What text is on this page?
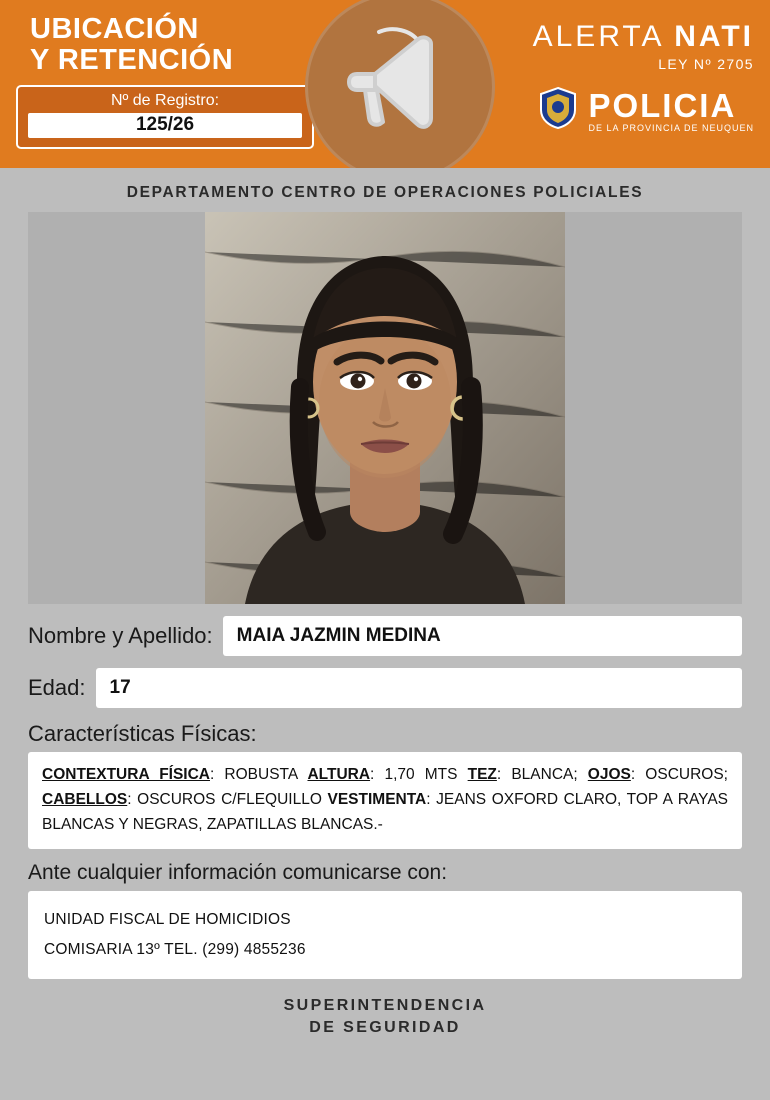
UBICACIÓN
Y RETENCIÓN
Nº de Registro:
125/26
ALERTA NATI
LEY Nº 2705
POLICIA
DE LA PROVINCIA DE NEUQUEN
DEPARTAMENTO CENTRO DE OPERACIONES POLICIALES
Nombre y Apellido:	MAIA JAZMIN MEDINA
Edad:	17
Características Físicas:
CONTEXTURA FÍSICA: ROBUSTA ALTURA: 1,70 MTS TEZ: BLANCA; OJOS: OSCUROS; CABELLOS: OSCUROS C/FLEQUILLO VESTIMENTA: JEANS OXFORD CLARO, TOP A RAYAS BLANCAS Y NEGRAS, ZAPATILLAS BLANCAS.-
Ante cualquier información comunicarse con:
UNIDAD FISCAL DE HOMICIDIOS
COMISARIA 13º TEL. (299) 4855236
SUPERINTENDENCIA
DE SEGURIDAD
